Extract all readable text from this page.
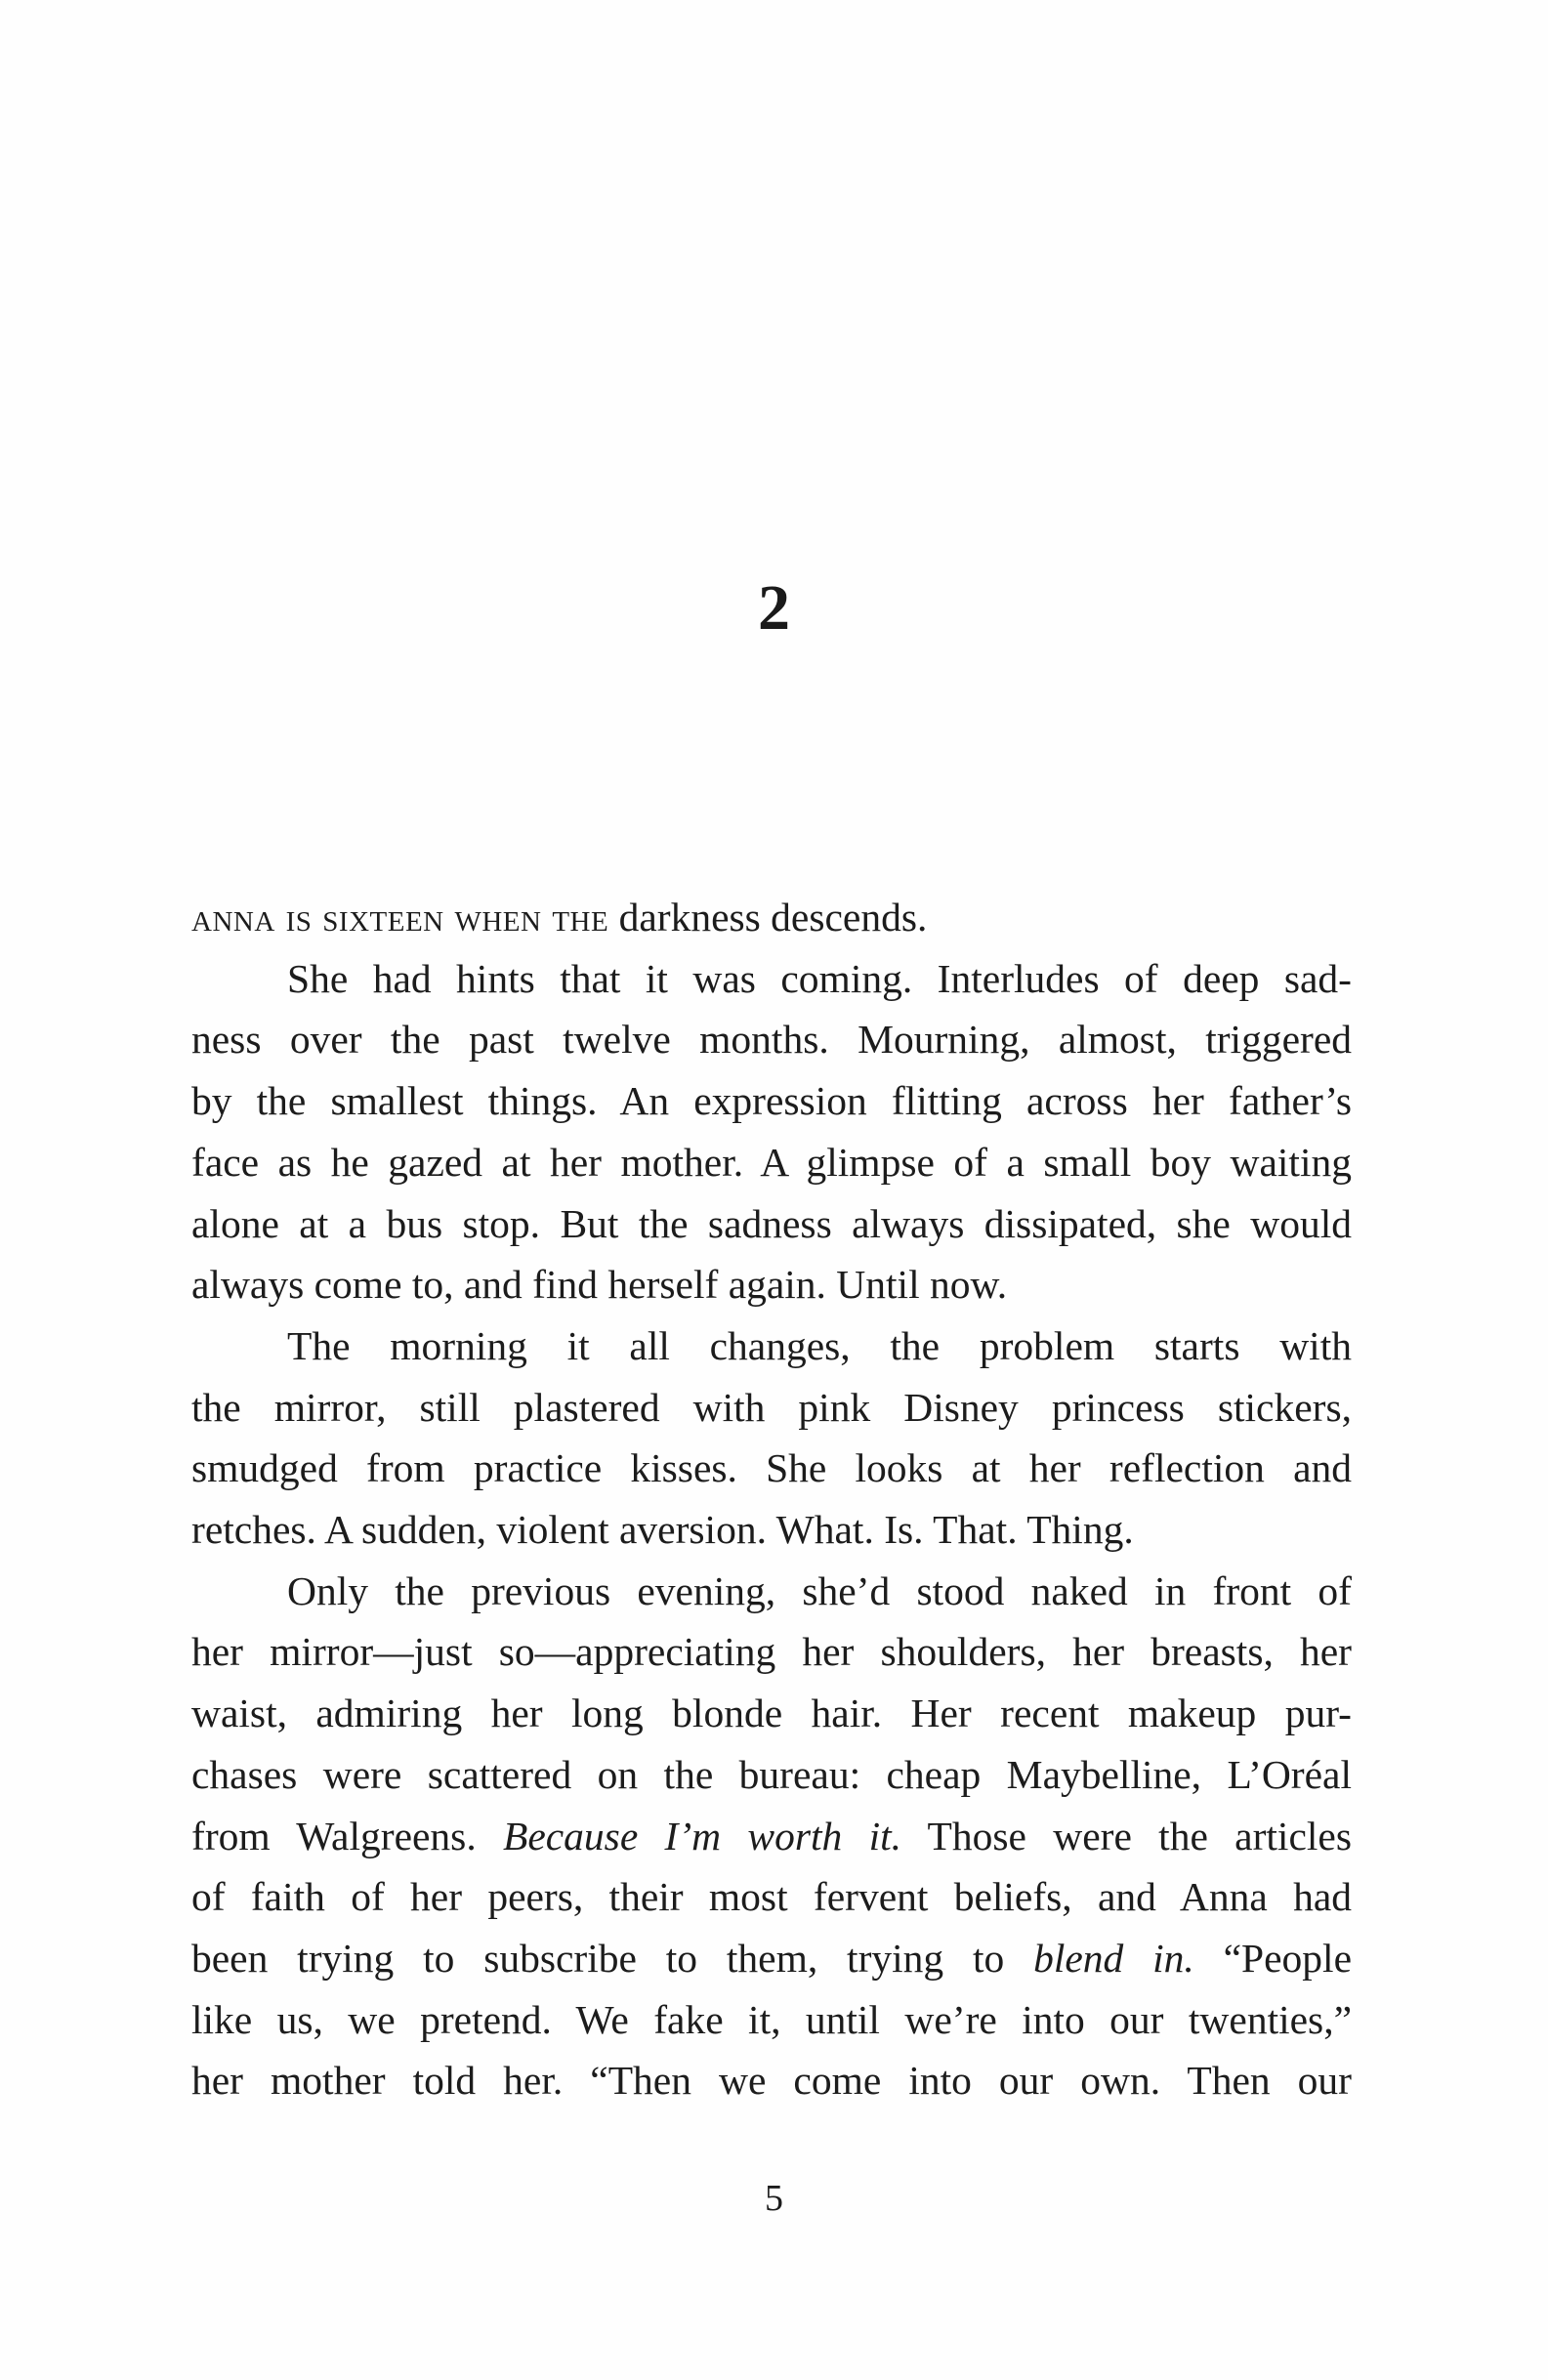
2
anna is sixteen when the darkness descends.
She had hints that it was coming. Interludes of deep sad-
ness over the past twelve months. Mourning, almost, triggered
by the smallest things. An expression flitting across her father’s
face as he gazed at her mother. A glimpse of a small boy waiting
alone at a bus stop. But the sadness always dissipated, she would
always come to, and find herself again. Until now.
The morning it all changes, the problem starts with
the mirror, still plastered with pink Disney princess stickers,
smudged from practice kisses. She looks at her reflection and
retches. A sudden, violent aversion. What. Is. That. Thing.
Only the previous evening, she’d stood naked in front of
her mirror—just so—appreciating her shoulders, her breasts, her
waist, admiring her long blonde hair. Her recent makeup pur-
chases were scattered on the bureau: cheap Maybelline, L’Oréal
from Walgreens. Because I’m worth it. Those were the articles
of faith of her peers, their most fervent beliefs, and Anna had
been trying to subscribe to them, trying to blend in. “People
like us, we pretend. We fake it, until we’re into our twenties,”
her mother told her. “Then we come into our own. Then our
5
